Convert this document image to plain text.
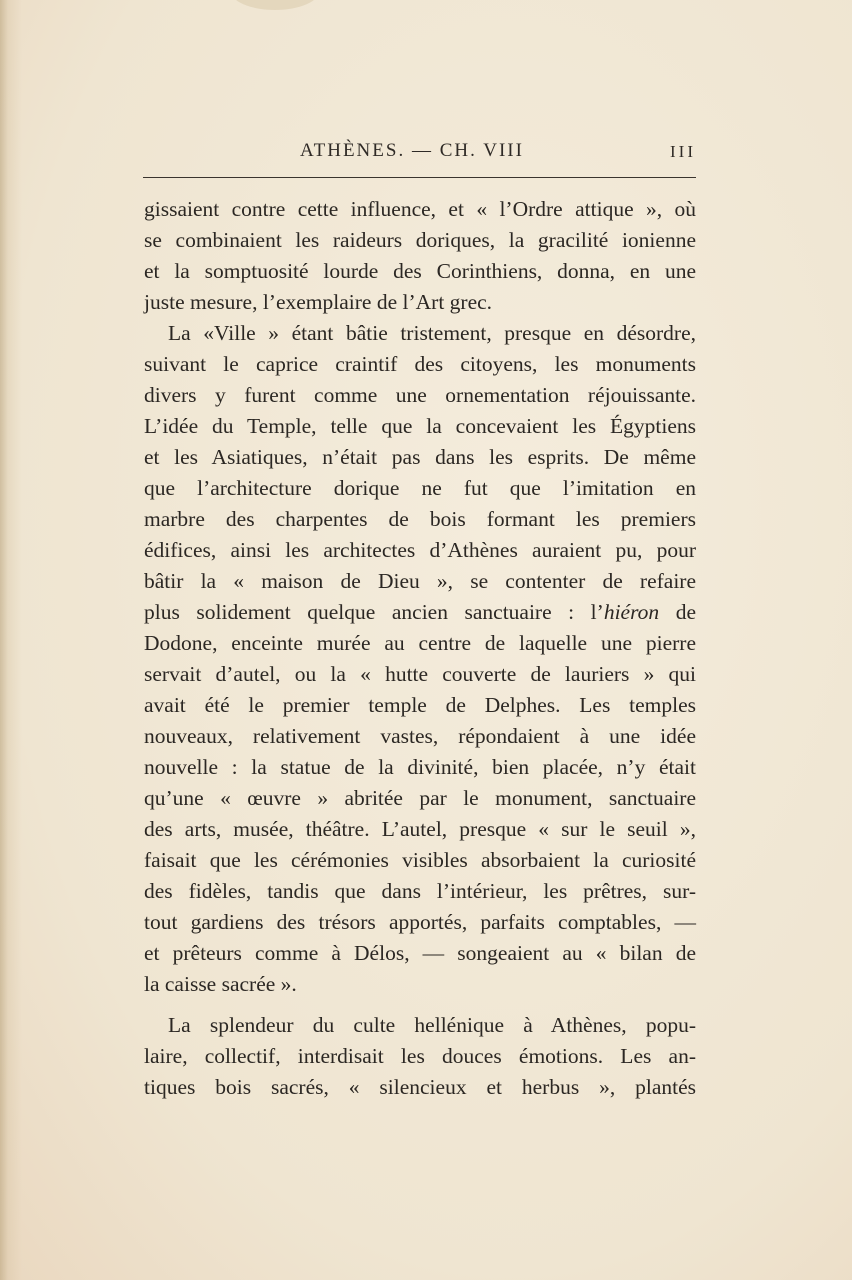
ATHÈNES. — CH. VIII	III
gissaient contre cette influence, et « l’Ordre attique », où
se combinaient les raideurs doriques, la gracilité ionienne
et la somptuosité lourde des Corinthiens, donna, en une
juste mesure, l’exemplaire de l’Art grec.
La «Ville » étant bâtie tristement, presque en désordre,
suivant le caprice craintif des citoyens, les monuments
divers y furent comme une ornementation réjouissante.
L’idée du Temple, telle que la concevaient les Égyptiens
et les Asiatiques, n’était pas dans les esprits. De même
que l’architecture dorique ne fut que l’imitation en
marbre des charpentes de bois formant les premiers
édifices, ainsi les architectes d’Athènes auraient pu, pour
bâtir la « maison de Dieu », se contenter de refaire
plus solidement quelque ancien sanctuaire : l’hiéron de
Dodone, enceinte murée au centre de laquelle une pierre
servait d’autel, ou la « hutte couverte de lauriers » qui
avait été le premier temple de Delphes. Les temples
nouveaux, relativement vastes, répondaient à une idée
nouvelle : la statue de la divinité, bien placée, n’y était
qu’une « œuvre » abritée par le monument, sanctuaire
des arts, musée, théâtre. L’autel, presque « sur le seuil »,
faisait que les cérémonies visibles absorbaient la curiosité
des fidèles, tandis que dans l’intérieur, les prêtres, sur-
tout gardiens des trésors apportés, parfaits comptables, —
et prêteurs comme à Délos, — songeaient au « bilan de
la caisse sacrée ».
La splendeur du culte hellénique à Athènes, popu-
laire, collectif, interdisait les douces émotions. Les an-
tiques bois sacrés, « silencieux et herbus », plantés
